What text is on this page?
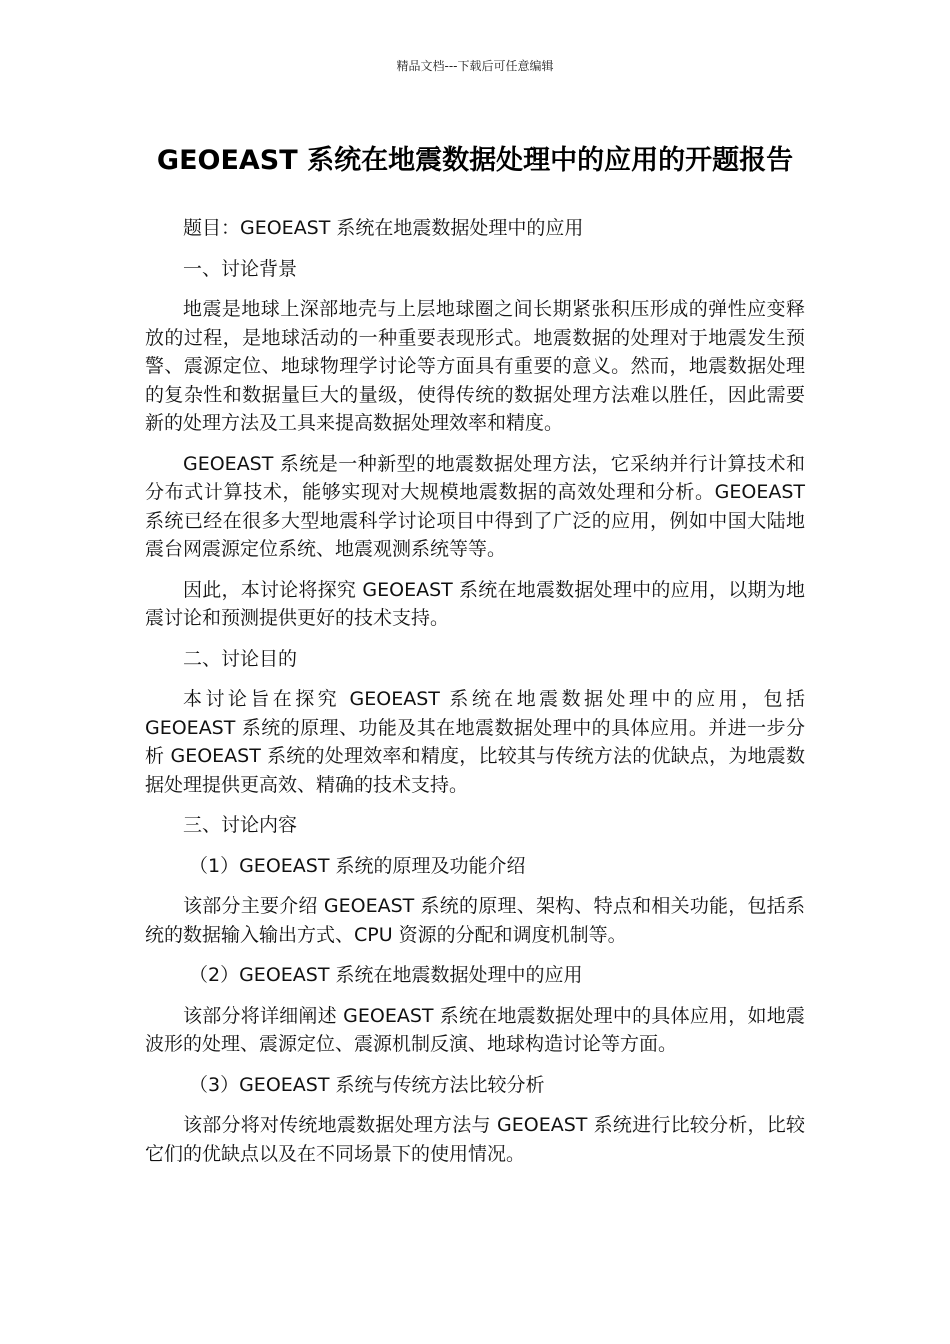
精品文档---下载后可任意编辑
GEOEAST 系统在地震数据处理中的应用的开题报告

题目：GEOEAST 系统在地震数据处理中的应用

一、讨论背景

地震是地球上深部地壳与上层地球圈之间长期紧张积压形成的弹性应变释放的过程，是地球活动的一种重要表现形式。地震数据的处理对于地震发生预警、震源定位、地球物理学讨论等方面具有重要的意义。然而，地震数据处理的复杂性和数据量巨大的量级，使得传统的数据处理方法难以胜任，因此需要新的处理方法及工具来提高数据处理效率和精度。

GEOEAST 系统是一种新型的地震数据处理方法，它采纳并行计算技术和分布式计算技术，能够实现对大规模地震数据的高效处理和分析。GEOEAST 系统已经在很多大型地震科学讨论项目中得到了广泛的应用，例如中国大陆地震台网震源定位系统、地震观测系统等等。

因此，本讨论将探究 GEOEAST 系统在地震数据处理中的应用，以期为地震讨论和预测提供更好的技术支持。

二、讨论目的

本讨论旨在探究 GEOEAST 系统在地震数据处理中的应用，包括 GEOEAST 系统的原理、功能及其在地震数据处理中的具体应用。并进一步分析 GEOEAST 系统的处理效率和精度，比较其与传统方法的优缺点，为地震数据处理提供更高效、精确的技术支持。

三、讨论内容

（1）GEOEAST 系统的原理及功能介绍

该部分主要介绍 GEOEAST 系统的原理、架构、特点和相关功能，包括系统的数据输入输出方式、CPU 资源的分配和调度机制等。

（2）GEOEAST 系统在地震数据处理中的应用

该部分将详细阐述 GEOEAST 系统在地震数据处理中的具体应用，如地震波形的处理、震源定位、震源机制反演、地球构造讨论等方面。

（3）GEOEAST 系统与传统方法比较分析

该部分将对传统地震数据处理方法与 GEOEAST 系统进行比较分析，比较它们的优缺点以及在不同场景下的使用情况。
